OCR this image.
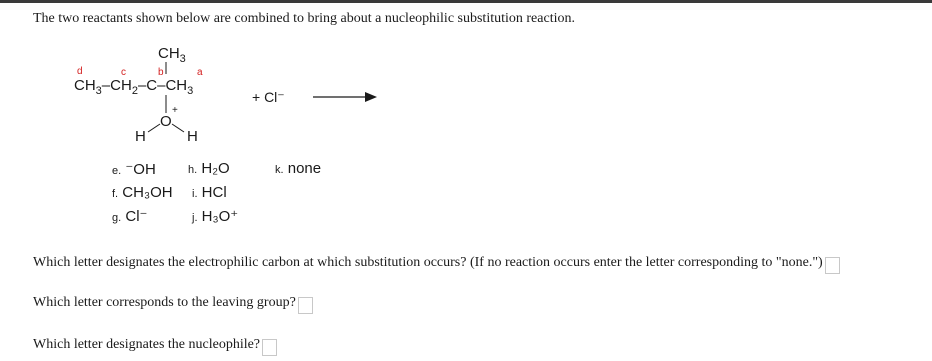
The two reactants shown below are combined to bring about a nucleophilic substitution reaction.
d	c	b	a
$CH_3$
$CH_3-CH_2-C-CH_3$
O
+
H	H
+ Cl⁻
e. ⁻OH
f. CH₃OH
g. Cl⁻
h. H₂O
i. HCl
j. H₃O⁺
k. none
Which letter designates the electrophilic carbon at which substitution occurs? (If no reaction occurs enter the letter corresponding to "none.")
Which letter corresponds to the leaving group?
Which letter designates the nucleophile?
